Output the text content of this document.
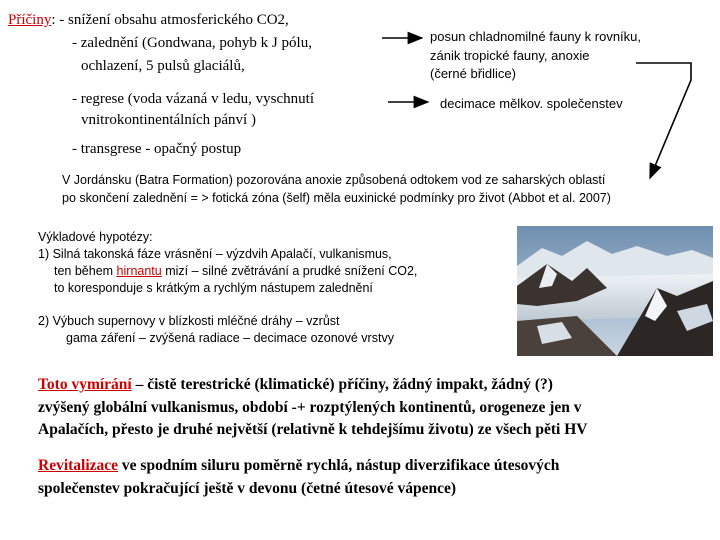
Příčiny: - snížení obsahu atmosferického CO2,
- zalednění (Gondwana, pohyb k J pólu,
ochlazení, 5 pulsů glaciálů,
- regrese (voda vázaná v ledu, vyschnutí
vnitrokontinentálních pánví )
- transgrese - opačný postup
posun chladnomilné fauny k rovníku,
zánik tropické fauny, anoxie
(černé břidlice)
decimace mělkov. společenstev
V Jordánsku (Batra Formation) pozorována anoxie způsobená odtokem vod ze saharských oblastí
po skončení zalednění = > fotická zóna (šelf) měla euxinické podmínky pro život (Abbot et al. 2007)
Výkladové hypotézy:
1) Silná takonská fáze vrásnění – výzdvih Apalačí, vulkanismus,
ten během hirnantu mizí – silné zvětrávání a prudké snížení CO2,
to koresponduje s krátkým a rychlým nástupem zalednění
2) Výbuch supernovy v blízkosti mléčné dráhy – vzrůst
gama záření – zvýšená radiace – decimace ozonové vrstvy
Toto vymírání – čistě terestrické (klimatické) příčiny, žádný impakt, žádný (?)
zvýšený globální vulkanismus, období -+ rozptýlených kontinentů, orogeneze jen v
Apalačích, přesto je druhé největší (relativně k tehdejšímu životu) ze všech pěti HV
Revitalizace ve spodním siluru poměrně rychlá, nástup diverzifikace útesových
společenstev pokračující ještě v devonu (četné útesové vápence)
